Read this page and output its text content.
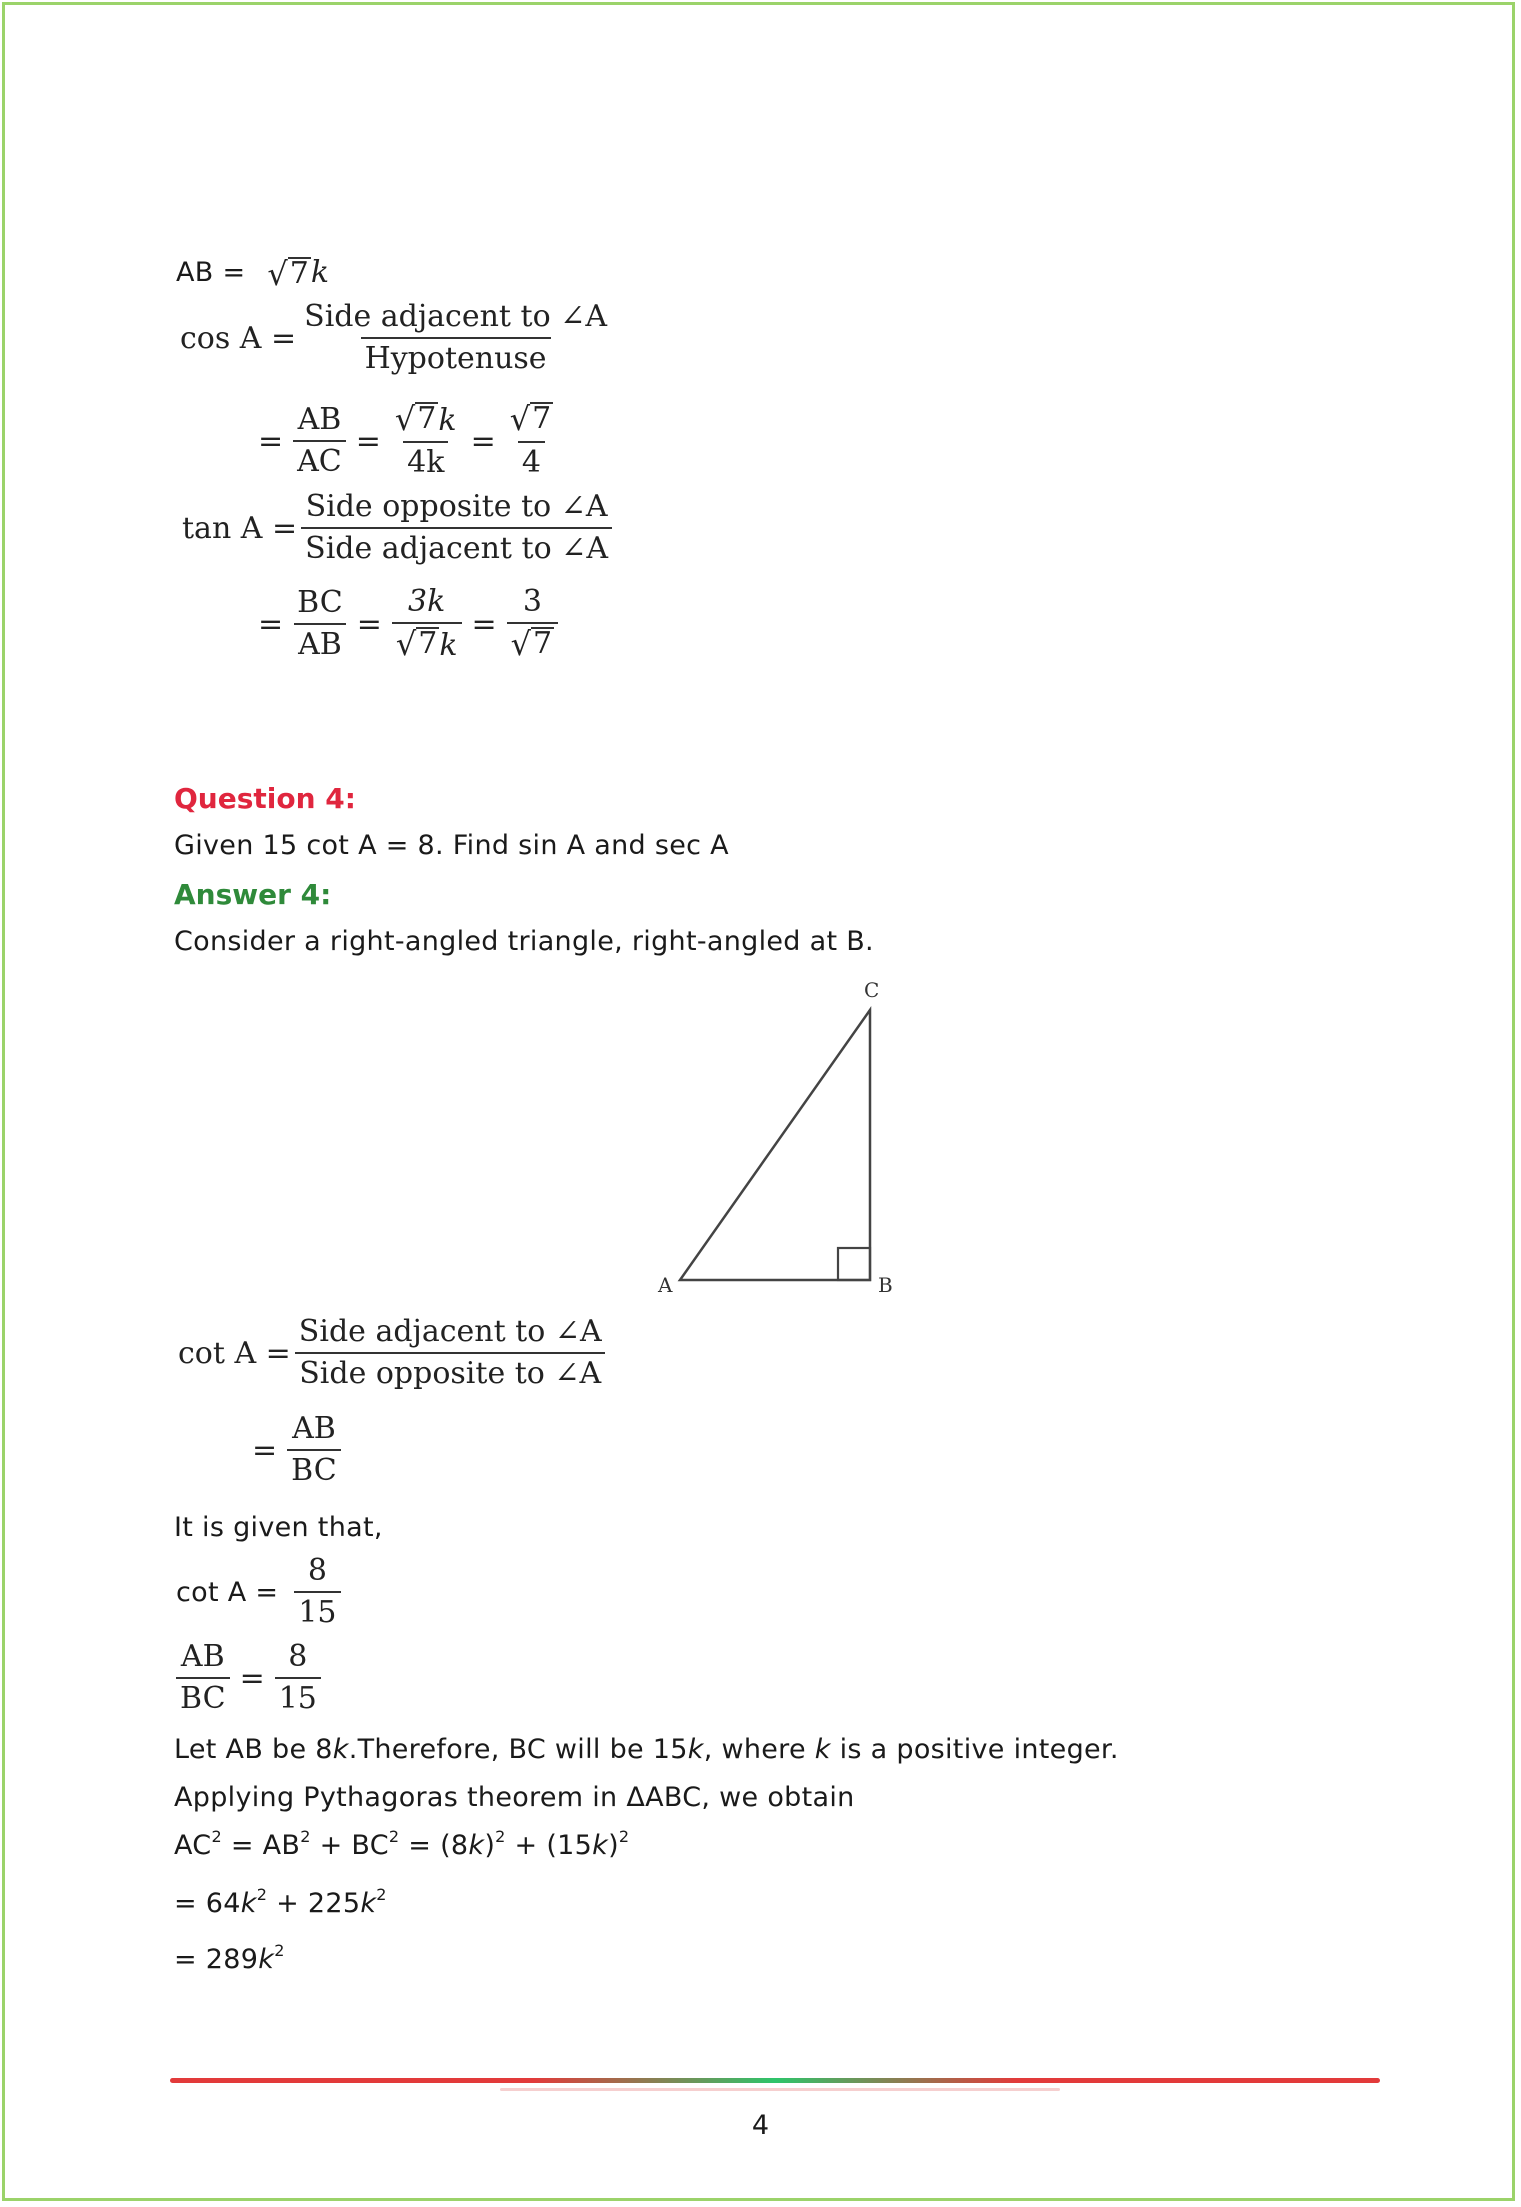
AB = √ 7 k
$\cos A = \frac{\text{Side adjacent to ∠A}}{\text{Hypotenuse}}$
= $\frac{AB}{AC} = \frac{√ 7 k}{4k} = \frac{√ 7}{4}$
$\tan A = \frac{\text{Side opposite to ∠A}}{\text{Side adjacent to ∠A}}$
= $\frac{BC}{AB} = \frac{3k}{√ 7 k} = \frac{3}{√ 7}$
Question 4:
Given 15 cot A = 8. Find sin A and sec A
Answer 4:
Consider a right-angled triangle, right-angled at B.
A	B
C
$\cot A = \frac{\text{Side adjacent to ∠A}}{\text{Side opposite to ∠A}}$
= $\frac{AB}{BC}$
It is given that,
$\cot A = \frac{8}{15}$
$\frac{AB}{BC} = \frac{8}{15}$
Let AB be 8k.Therefore, BC will be 15k, where k is a positive integer.
Applying Pythagoras theorem in ΔABC, we obtain
$AC^2 = AB^2 + BC^2 = (8k)^2 + (15k)^2$
= $64k^2 + 225k^2$
= $289k^2$
4
